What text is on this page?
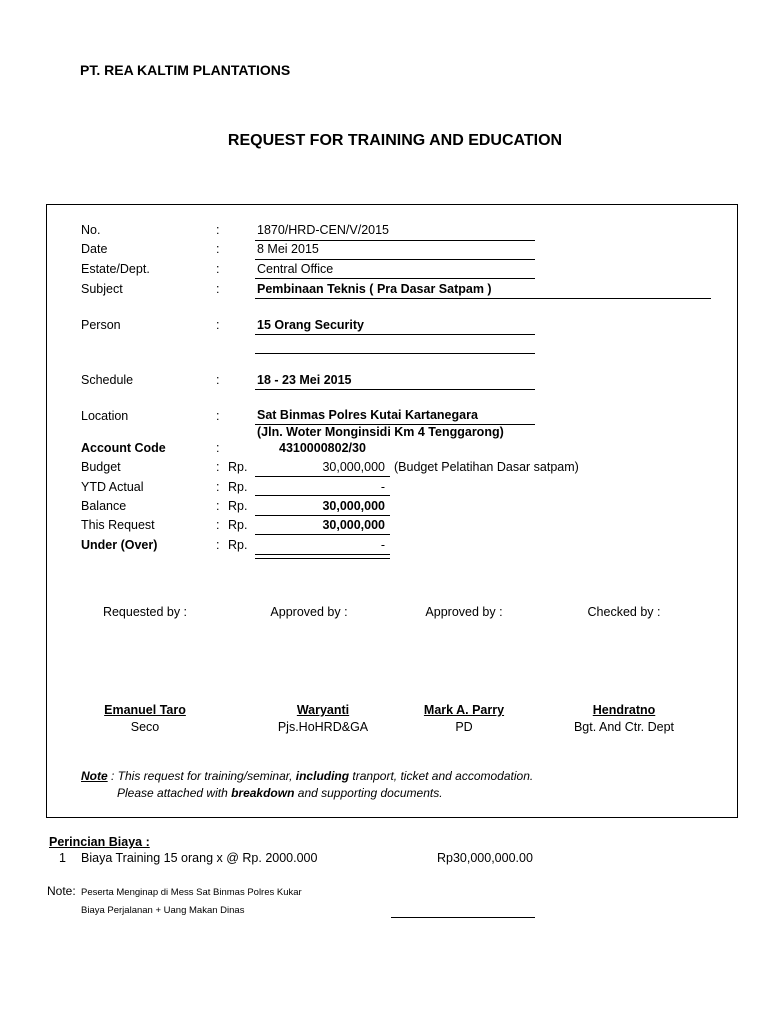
PT. REA KALTIM PLANTATIONS
REQUEST FOR TRAINING AND EDUCATION
No.	:	1870/HRD-CEN/V/2015
Date	:	8 Mei 2015
Estate/Dept.	:	Central Office
Subject	:	Pembinaan Teknis ( Pra Dasar Satpam )
Person	:	15 Orang Security
Schedule	:	18 - 23 Mei 2015
Location	:	Sat Binmas Polres Kutai Kartanegara
(Jln. Woter Monginsidi Km 4 Tenggarong)
Account Code	:	4310000802/30
Budget	: Rp.	30,000,000 (Budget Pelatihan Dasar satpam)
YTD Actual	: Rp.	-
Balance	: Rp.	30,000,000
This Request	: Rp.	30,000,000
Under (Over)	: Rp.	-
Requested by :	Approved by :	Approved by :	Checked by :
Emanuel Taro	Waryanti	Mark A. Parry	Hendratno
Seco	Pjs.HoHRD&GA	PD	Bgt. And Ctr. Dept
Note : This request for training/seminar, including tranport, ticket and accomodation.
Please attached with breakdown and supporting documents.
Perincian Biaya :
1 Biaya Training 15 orang x @ Rp. 2000.000	Rp30,000,000.00
Note: Peserta Menginap di Mess Sat Binmas Polres Kukar
Biaya Perjalanan + Uang Makan Dinas
